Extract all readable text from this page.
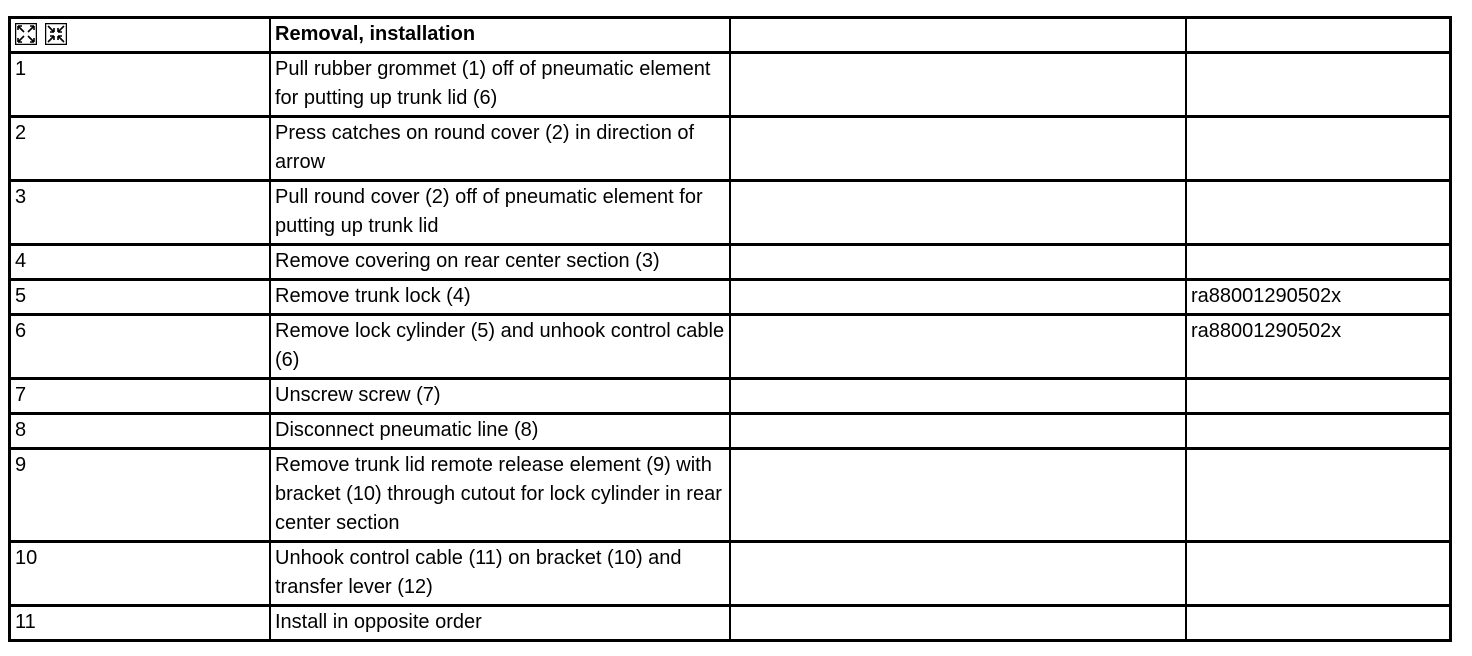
	Removal, installation		
1	Pull rubber grommet (1) off of pneumatic element for putting up trunk lid (6)		
2	Press catches on round cover (2) in direction of arrow		
3	Pull round cover (2) off of pneumatic element for putting up trunk lid		
4	Remove covering on rear center section (3)		
5	Remove trunk lock (4)		ra88001290502x
6	Remove lock cylinder (5) and unhook control cable (6)		ra88001290502x
7	Unscrew screw (7)		
8	Disconnect pneumatic line (8)		
9	Remove trunk lid remote release element (9) with bracket (10) through cutout for lock cylinder in rear center section		
10	Unhook control cable (11) on bracket (10) and transfer lever (12)		
11	Install in opposite order		
